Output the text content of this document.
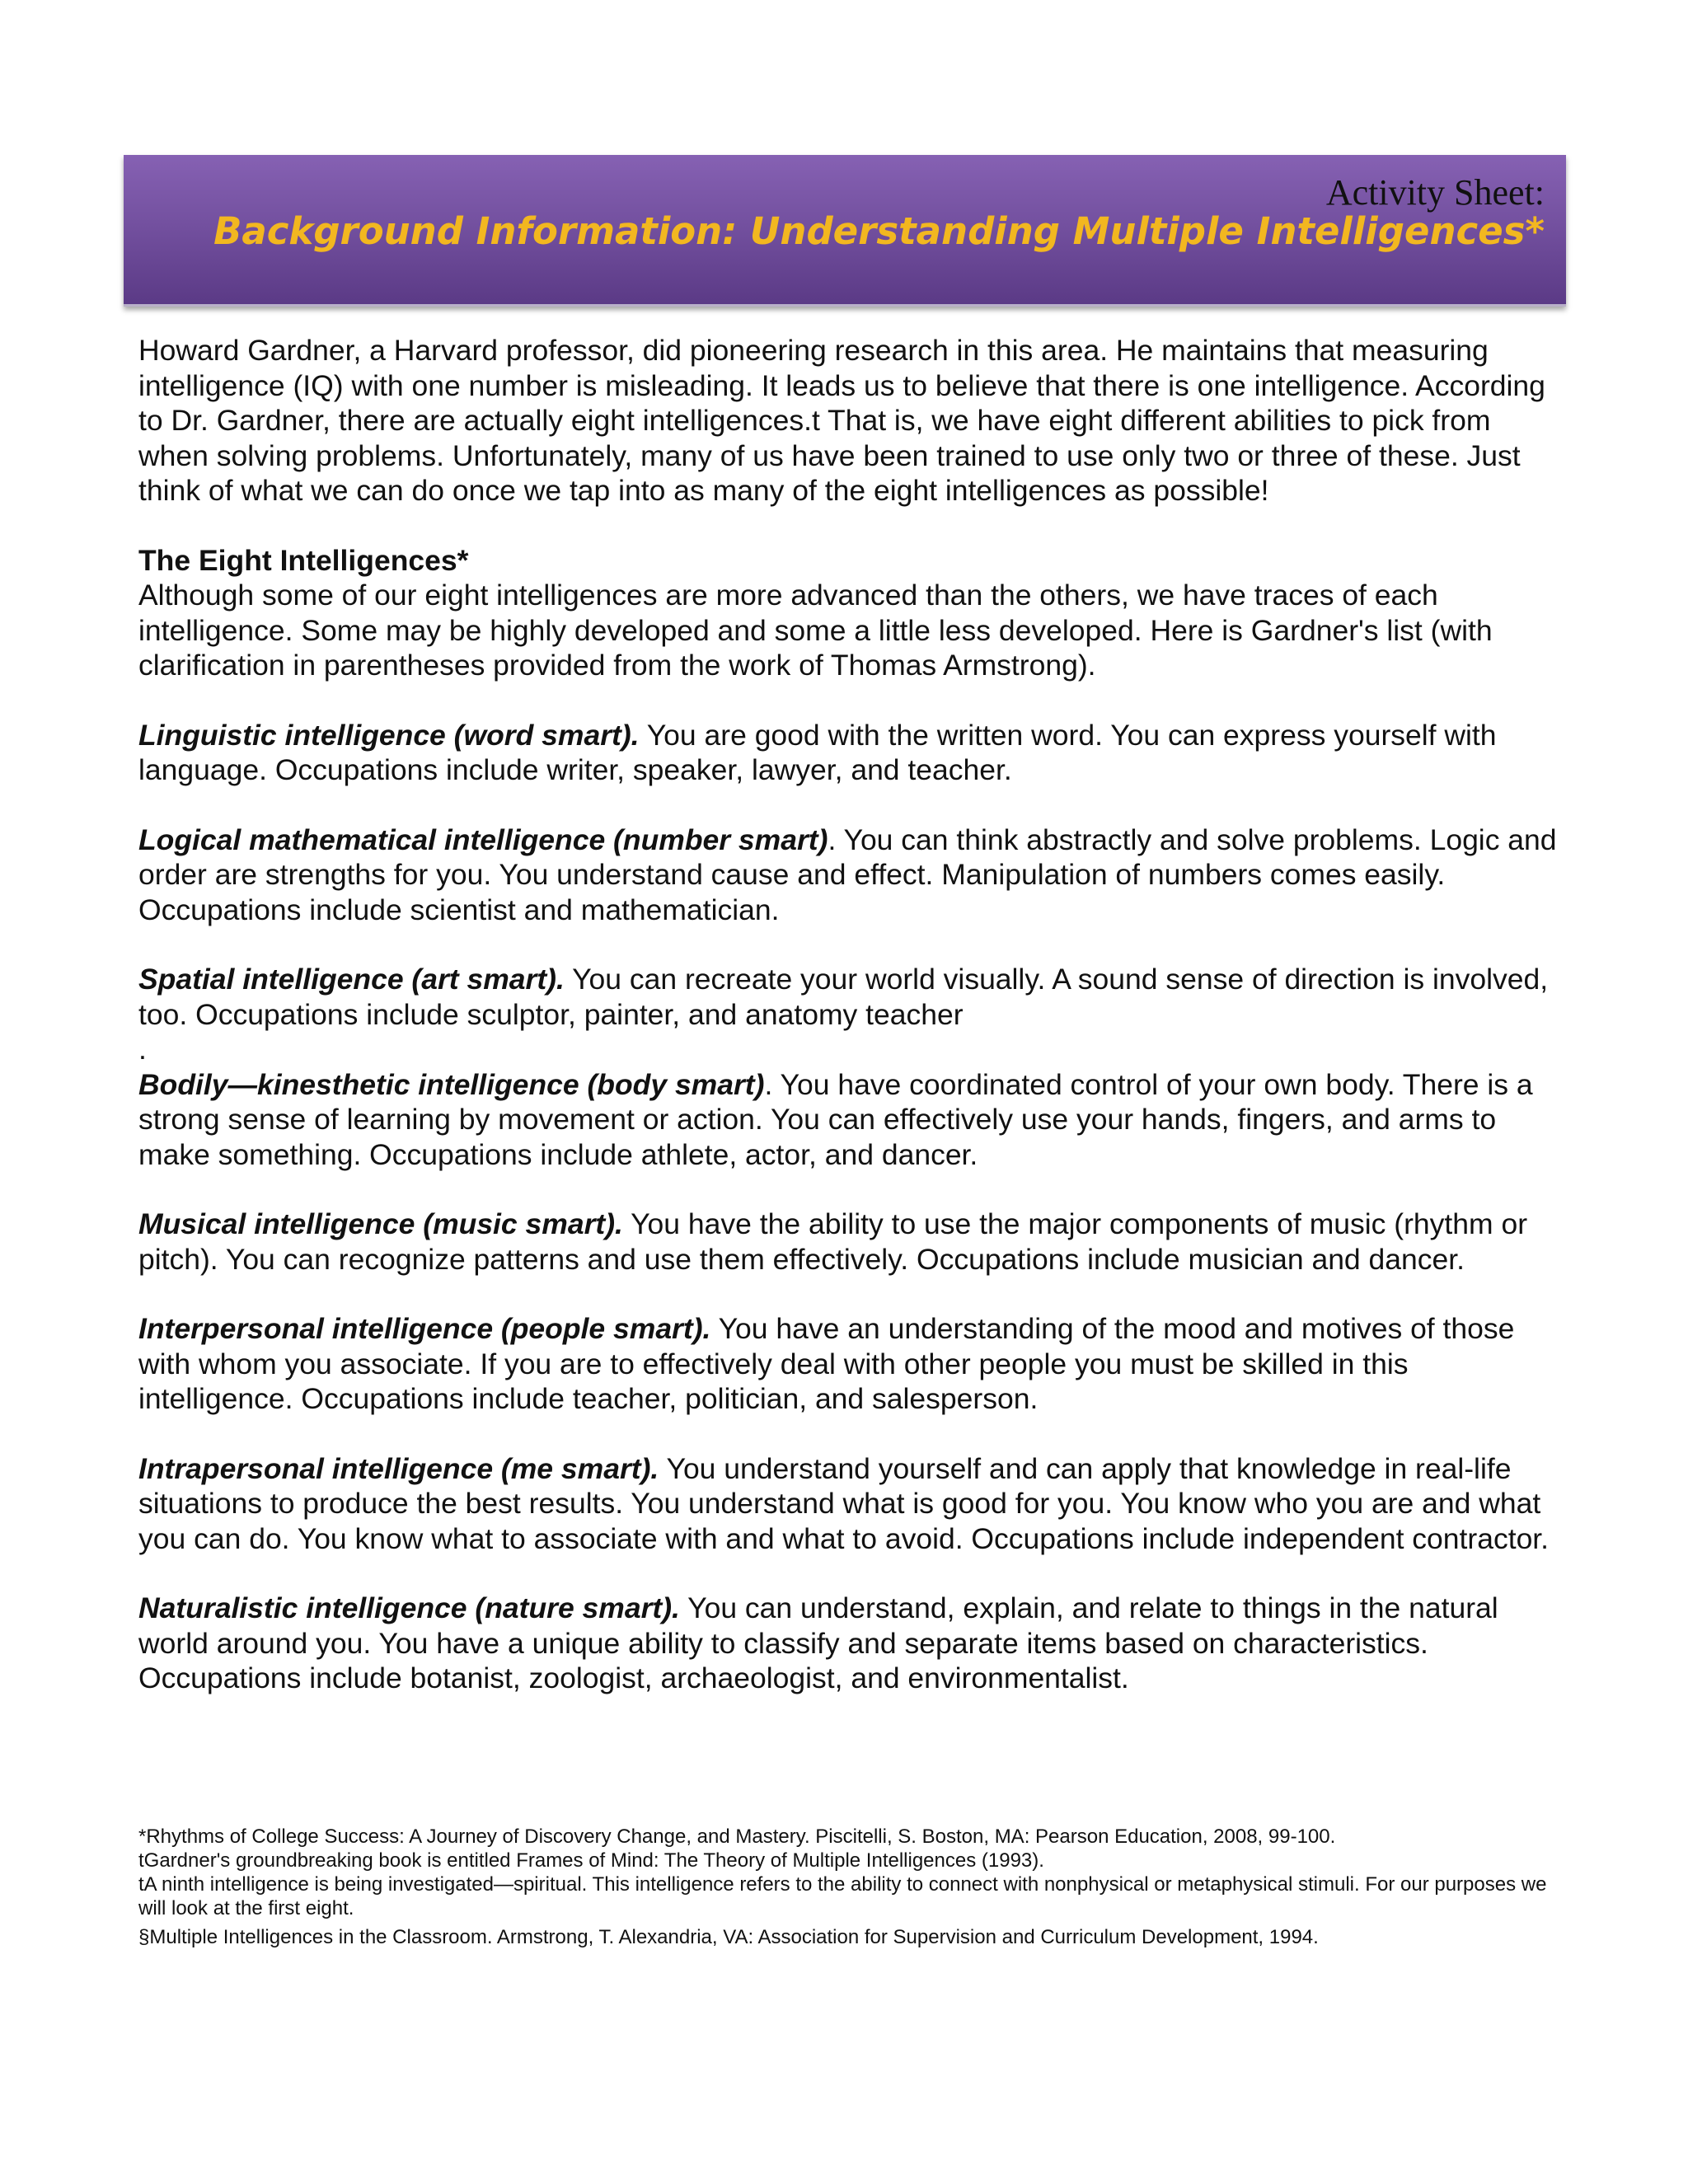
Activity Sheet:
Background Information: Understanding Multiple Intelligences*

Howard Gardner, a Harvard professor, did pioneering research in this area. He maintains that measuring intelligence (IQ) with one number is misleading. It leads us to believe that there is one intelligence. According to Dr. Gardner, there are actually eight intelligences.t That is, we have eight different abilities to pick from when solving problems. Unfortunately, many of us have been trained to use only two or three of these. Just think of what we can do once we tap into as many of the eight intelligences as possible!

The Eight Intelligences*

Although some of our eight intelligences are more advanced than the others, we have traces of each intelligence. Some may be highly developed and some a little less developed. Here is Gardner's list (with clarification in parentheses provided from the work of Thomas Armstrong).

Linguistic intelligence (word smart). You are good with the written word. You can express yourself with language. Occupations include writer, speaker, lawyer, and teacher.

Logical mathematical intelligence (number smart). You can think abstractly and solve problems. Logic and order are strengths for you. You understand cause and effect. Manipulation of numbers comes easily. Occupations include scientist and mathematician.

Spatial intelligence (art smart). You can recreate your world visually. A sound sense of direction is involved, too. Occupations include sculptor, painter, and anatomy teacher

.

Bodily—kinesthetic intelligence (body smart). You have coordinated control of your own body. There is a strong sense of learning by movement or action. You can effectively use your hands, fingers, and arms to make something. Occupations include athlete, actor, and dancer.

Musical intelligence (music smart). You have the ability to use the major components of music (rhythm or pitch). You can recognize patterns and use them effectively. Occupations include musician and dancer.

Interpersonal intelligence (people smart). You have an understanding of the mood and motives of those with whom you associate. If you are to effectively deal with other people you must be skilled in this intelligence. Occupations include teacher, politician, and salesperson.

Intrapersonal intelligence (me smart). You understand yourself and can apply that knowledge in real-life situations to produce the best results. You understand what is good for you. You know who you are and what you can do. You know what to associate with and what to avoid. Occupations include independent contractor.

Naturalistic intelligence (nature smart). You can understand, explain, and relate to things in the natural world around you. You have a unique ability to classify and separate items based on characteristics. Occupations include botanist, zoologist, archaeologist, and environmentalist.

*Rhythms of College Success: A Journey of Discovery Change, and Mastery. Piscitelli, S. Boston, MA: Pearson Education, 2008, 99-100.

tGardner's groundbreaking book is entitled Frames of Mind: The Theory of Multiple Intelligences (1993).

tA ninth intelligence is being investigated—spiritual. This intelligence refers to the ability to connect with nonphysical or metaphysical stimuli. For our purposes we will look at the first eight.

§Multiple Intelligences in the Classroom. Armstrong, T. Alexandria, VA: Association for Supervision and Curriculum Development, 1994.
